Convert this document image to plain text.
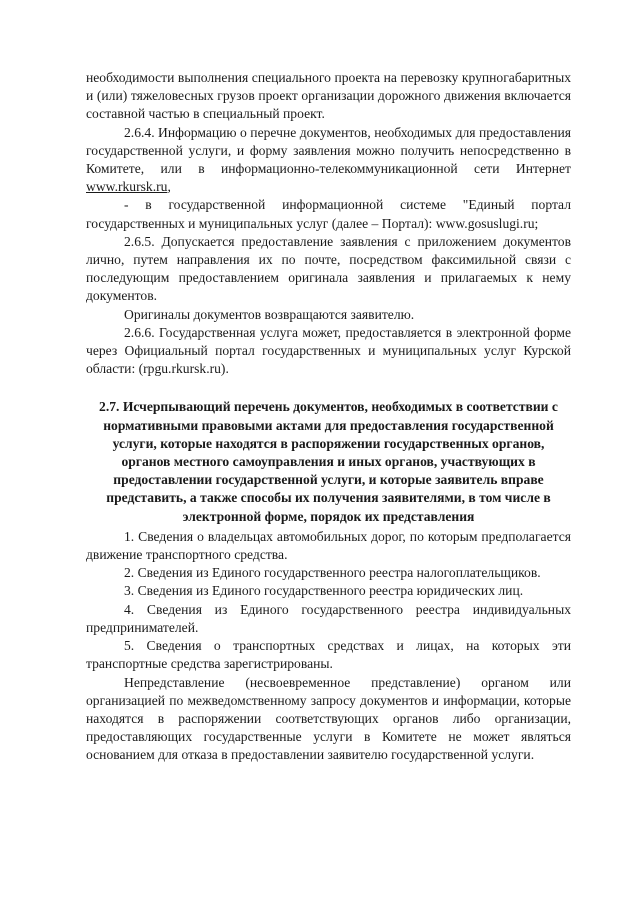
необходимости выполнения специального проекта на перевозку крупногабаритных и (или) тяжеловесных грузов проект организации дорожного движения включается составной частью в специальный проект.

2.6.4. Информацию о перечне документов, необходимых для предоставления государственной услуги, и форму заявления можно получить непосредственно в Комитете, или в информационно-телекоммуникационной сети Интернет www.rkursk.ru,

- в государственной информационной системе "Единый портал государственных и муниципальных услуг (далее – Портал): www.gosuslugi.ru;

2.6.5. Допускается предоставление заявления с приложением документов лично, путем направления их по почте, посредством факсимильной связи с последующим предоставлением оригинала заявления и прилагаемых к нему документов.

Оригиналы документов возвращаются заявителю.

2.6.6. Государственная услуга может, предоставляется в электронной форме через Официальный портал государственных и муниципальных услуг Курской области: (rpgu.rkursk.ru).

2.7. Исчерпывающий перечень документов, необходимых в соответствии с нормативными правовыми актами для предоставления государственной услуги, которые находятся в распоряжении государственных органов, органов местного самоуправления и иных органов, участвующих в предоставлении государственной услуги, и которые заявитель вправе представить, а также способы их получения заявителями, в том числе в электронной форме, порядок их представления

1. Сведения о владельцах автомобильных дорог, по которым предполагается движение транспортного средства.

2. Сведения из Единого государственного реестра налогоплательщиков.

3. Сведения из Единого государственного реестра юридических лиц.

4. Сведения из Единого государственного реестра индивидуальных предпринимателей.

5. Сведения о транспортных средствах и лицах, на которых эти транспортные средства зарегистрированы.

Непредставление (несвоевременное представление) органом или организацией по межведомственному запросу документов и информации, которые находятся в распоряжении соответствующих органов либо организации, предоставляющих государственные услуги в Комитете не может являться основанием для отказа в предоставлении заявителю государственной услуги.
